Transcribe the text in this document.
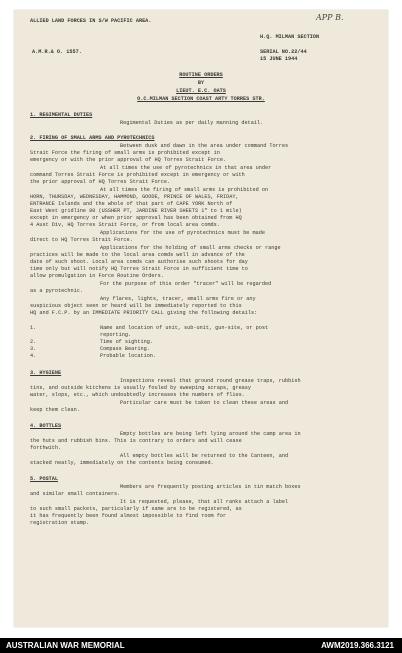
ALLIED LAND FORCES IN S/W PACIFIC AREA.	APP B.
H.Q. MILMAN SECTION
A.M.R.& O. 1557.	SERIAL NO.22/44
15 JUNE 1944
ROUTINE ORDERS
BY
LIEUT. E.C. OATS
O.C.MILMAN SECTION COAST ARTY TORRES STR.
1. REGIMENTAL DUTIES
Regimental Duties as per daily manning detail.
2. FIRING OF SMALL ARMS AND PYROTECHNICS
Between dusk and dawn in the area under command Torres
Strait Force the firing of small arms is prohibited except in
emergency or with the prior approval of HQ Torres Strait Force.
At all times the use of pyrotechnics in that area under
command Torres Strait Force is prohibited except in emergency or with
the prior approval of HQ Torres Strait Force.
At all times the firing of small arms is prohibited on
HORN, THURSDAY, WEDNESDAY, HAMMOND, GOODE, PRINCE OF WALES, FRIDAY,
ENTRANCE Islands and the whole of that part of CAPE YORK North of
East West gridline 80 (USSHER PT, JARDINE RIVER SHEETS 1" to 1 mile)
except in emergency or when prior approval has been obtained from HQ
4 Aust Div, HQ Torres Strait Force, or from local area comds.
Applications for the use of pyrotechnics must be made
direct to HQ Torres Strait Force.
Applications for the holding of small arms checks or range
practices will be made to the local area comds well in advance of the
date of such shoot. Local area comds can authorise such shoots for day
time only but will notify HQ Torres Strait Force in sufficient time to
allow promulgation in Force Routine Orders.
For the purpose of this order "tracer" will be regarded
as a pyrotechnic.
Any flares, lights, tracer, small arms fire or any
suspicious object seen or heard will be immediately reported to this
HQ and F.C.P. by an IMMEDIATE PRIORITY CALL giving the following details:
1.	Name and location of unit, sub-unit, gun-site, or post
reporting.
2.	Time of sighting.
3.	Compass Bearing.
4.	Probable location.
3. HYGIENE
Inspections reveal that ground round grease traps, rubbish
tins, and outside kitchens is usually fouled by sweeping scraps, greasy
water, slops, etc., which undoubtedly increases the numbers of flies.
Particular care must be taken to clean these areas and
keep them clean.
4. BOTTLES
Empty bottles are being left lying around the camp area in
the huts and rubbish bins. This is contrary to orders and will cease
forthwith.
All empty bottles will be returned to the Canteen, and
stacked neatly, immediately on the contents being consumed.
5. POSTAL
Members are frequently posting articles in tin match boxes
and similar small containers.
It is requested, please, that all ranks attach a label
to such small packets, particularly if same are to be registered, as
it has frequently been found almost impossible to find room for
registration stamp.
AUSTRALIAN WAR MEMORIAL	AWM2019.366.3121
